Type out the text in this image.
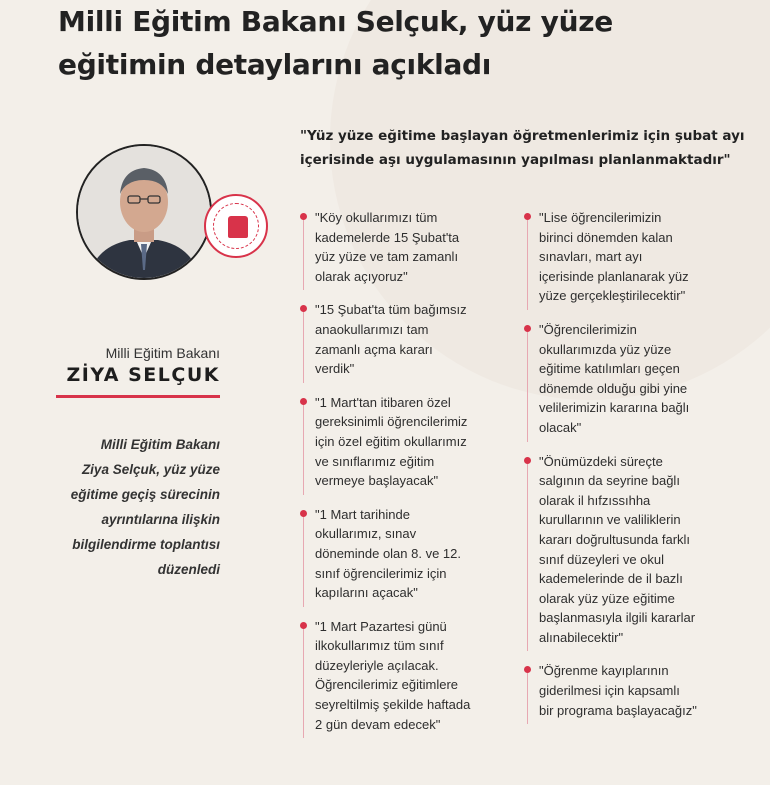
Milli Eğitim Bakanı Selçuk, yüz yüze
eğitimin detaylarını açıkladı
"Yüz yüze eğitime başlayan öğretmenlerimiz için şubat ayı
içerisinde aşı uygulamasının yapılması planlanmaktadır"
Milli Eğitim Bakanı
ZİYA SELÇUK
Milli Eğitim Bakanı
Ziya Selçuk, yüz yüze
eğitime geçiş sürecinin
ayrıntılarına ilişkin
bilgilendirme toplantısı
düzenledi
"Köy okullarımızı tüm
kademelerde 15 Şubat'ta
yüz yüze ve tam zamanlı
olarak açıyoruz"
"15 Şubat'ta tüm bağımsız
anaokullarımızı tam
zamanlı açma kararı
verdik"
"1 Mart'tan itibaren özel
gereksinimli öğrencilerimiz
için özel eğitim okullarımız
ve sınıflarımız eğitim
vermeye başlayacak"
"1 Mart tarihinde
okullarımız, sınav
döneminde olan 8. ve 12.
sınıf öğrencilerimiz için
kapılarını açacak"
"1 Mart Pazartesi günü
ilkokullarımız tüm sınıf
düzeyleriyle açılacak.
Öğrencilerimiz eğitimlere
seyreltilmiş şekilde haftada
2 gün devam edecek"
"Lise öğrencilerimizin
birinci dönemden kalan
sınavları, mart ayı
içerisinde planlanarak yüz
yüze gerçekleştirilecektir"
"Öğrencilerimizin
okullarımızda yüz yüze
eğitime katılımları geçen
dönemde olduğu gibi yine
velilerimizin kararına bağlı
olacak"
"Önümüzdeki süreçte
salgının da seyrine bağlı
olarak il hıfzıssıhha
kurullarının ve valiliklerin
kararı doğrultusunda farklı
sınıf düzeyleri ve okul
kademelerinde de il bazlı
olarak yüz yüze eğitime
başlanmasıyla ilgili kararlar
alınabilecektir"
"Öğrenme kayıplarının
giderilmesi için kapsamlı
bir programa başlayacağız"
